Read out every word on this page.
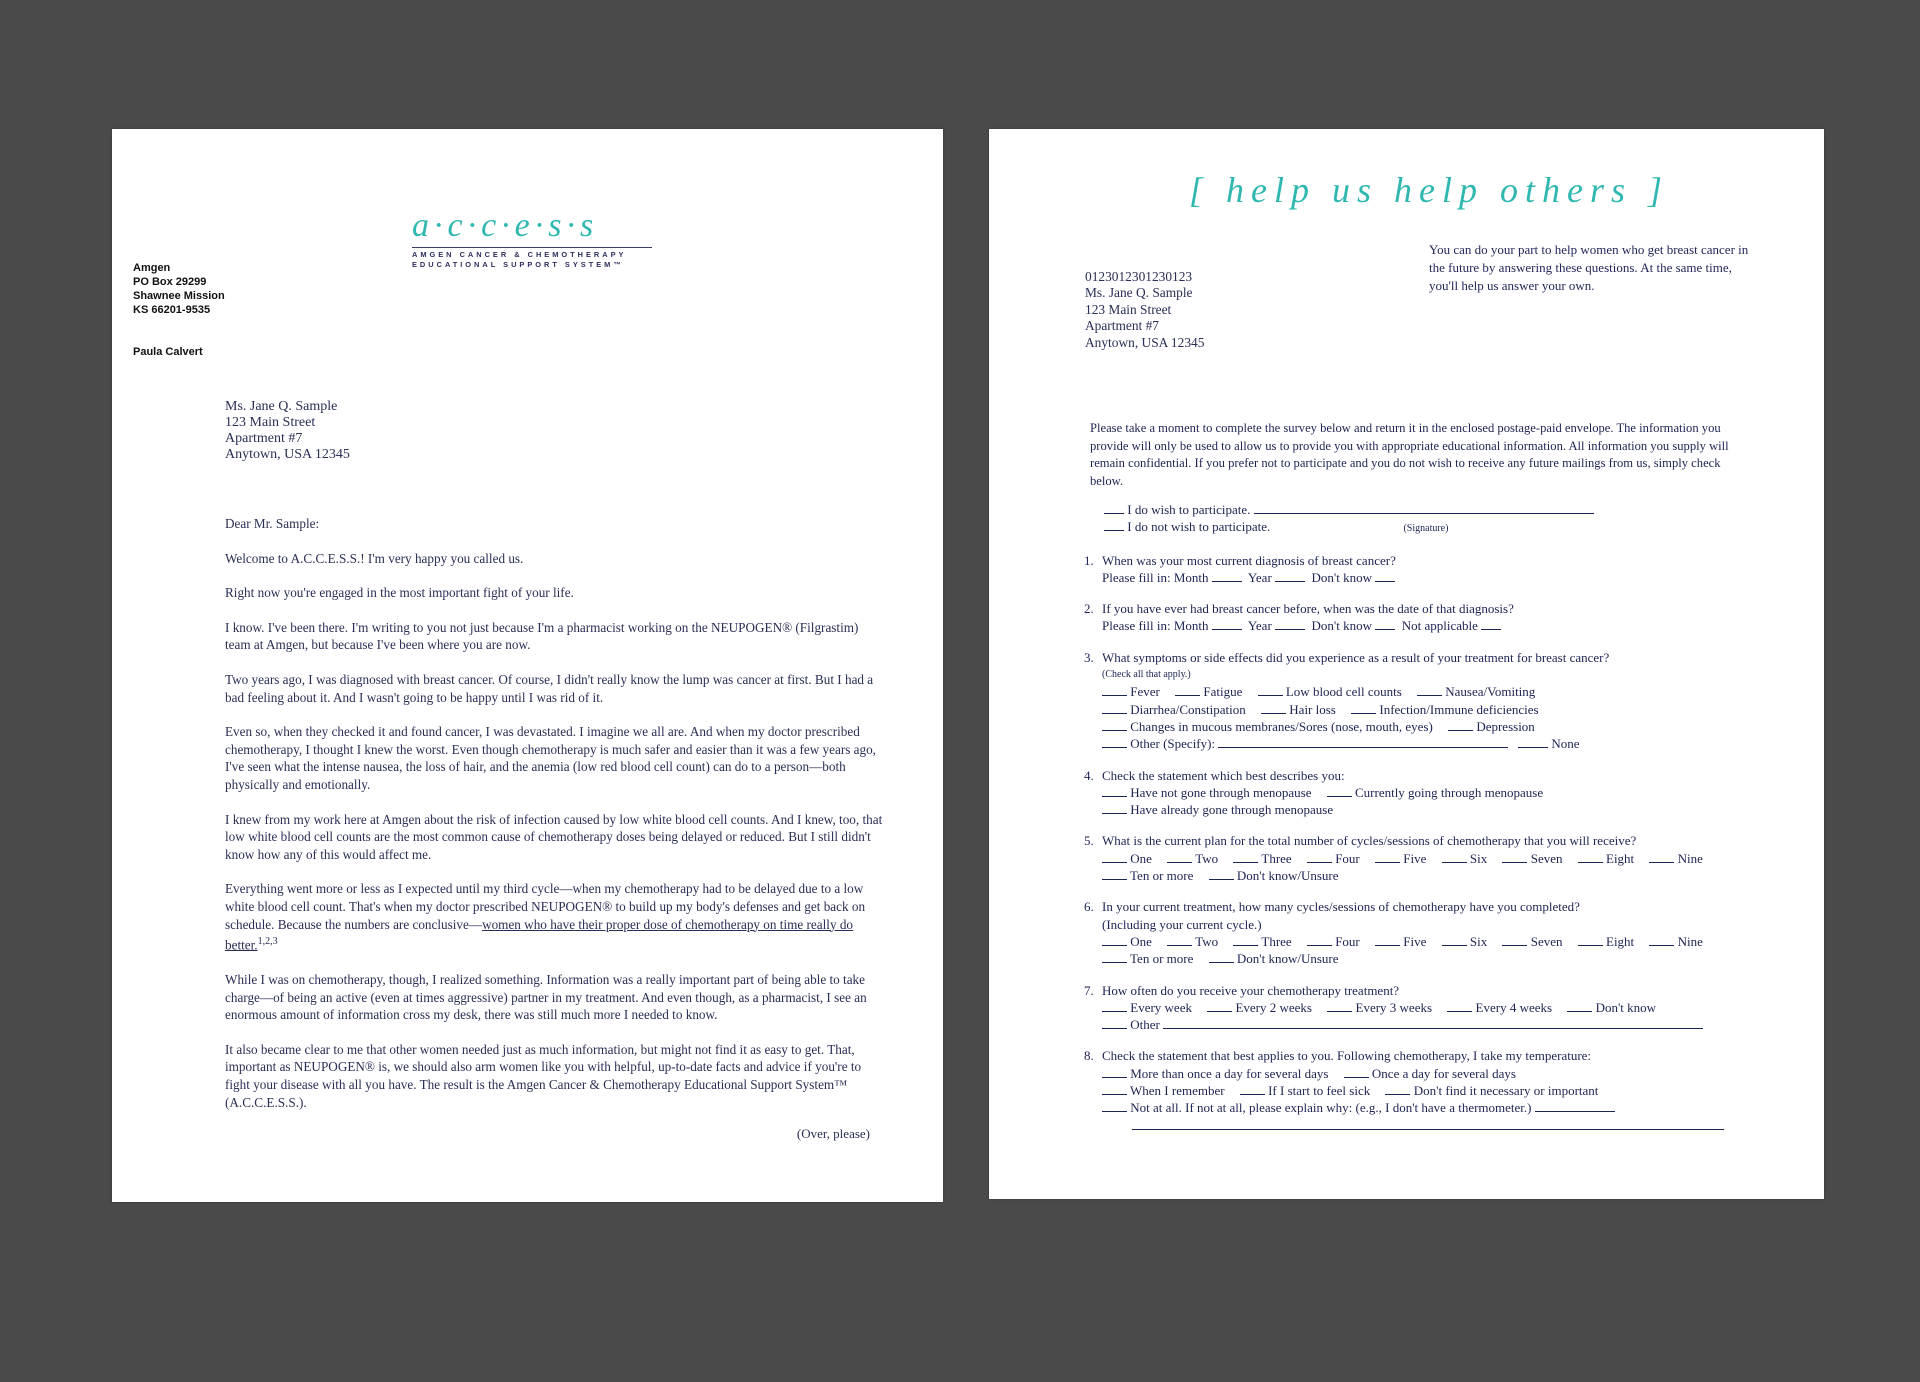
a·c·c·e·s·s
AMGEN CANCER & CHEMOTHERAPY
EDUCATIONAL SUPPORT SYSTEM™
Amgen
PO Box 29299
Shawnee Mission
KS 66201-9535
Paula Calvert
Ms. Jane Q. Sample
123 Main Street
Apartment #7
Anytown, USA 12345

Dear Mr. Sample:

Welcome to A.C.C.E.S.S.! I'm very happy you called us.

Right now you're engaged in the most important fight of your life.

I know. I've been there. I'm writing to you not just because I'm a pharmacist working on the NEUPOGEN® (Filgrastim) team at Amgen, but because I've been where you are now.

Two years ago, I was diagnosed with breast cancer. Of course, I didn't really know the lump was cancer at first. But I had a bad feeling about it. And I wasn't going to be happy until I was rid of it.

Even so, when they checked it and found cancer, I was devastated. I imagine we all are. And when my doctor prescribed chemotherapy, I thought I knew the worst. Even though chemotherapy is much safer and easier than it was a few years ago, I've seen what the intense nausea, the loss of hair, and the anemia (low red blood cell count) can do to a person—both physically and emotionally.

I knew from my work here at Amgen about the risk of infection caused by low white blood cell counts. And I knew, too, that low white blood cell counts are the most common cause of chemotherapy doses being delayed or reduced. But I still didn't know how any of this would affect me.

Everything went more or less as I expected until my third cycle—when my chemotherapy had to be delayed due to a low white blood cell count. That's when my doctor prescribed NEUPOGEN® to build up my body's defenses and get back on schedule. Because the numbers are conclusive—women who have their proper dose of chemotherapy on time really do better.$^{1,2,3}$

While I was on chemotherapy, though, I realized something. Information was a really important part of being able to take charge—of being an active (even at times aggressive) partner in my treatment. And even though, as a pharmacist, I see an enormous amount of information cross my desk, there was still much more I needed to know.

It also became clear to me that other women needed just as much information, but might not find it as easy to get. That, important as NEUPOGEN® is, we should also arm women like you with helpful, up-to-date facts and advice if you're to fight your disease with all you have. The result is the Amgen Cancer & Chemotherapy Educational Support System™ (A.C.C.E.S.S.).

(Over, please)
[ help us help others ]
You can do your part to help women who get breast cancer in the future by answering these questions. At the same time, you'll help us answer your own.
0123012301230123
Ms. Jane Q. Sample
123 Main Street
Apartment #7
Anytown, USA 12345
Please take a moment to complete the survey below and return it in the enclosed postage-paid envelope. The information you provide will only be used to allow us to provide you with appropriate educational information. All information you supply will remain confidential. If you prefer not to participate and you do not wish to receive any future mailings from us, simply check below.
I do wish to participate.
I do not wish to participate.	(Signature)
1. When was your most current diagnosis of breast cancer?
Please fill in: Month	Year	Don't know
2. If you have ever had breast cancer before, when was the date of that diagnosis?
Please fill in: Month	Year	Don't know Not applicable
3. What symptoms or side effects did you experience as a result of your treatment for breast cancer?
(Check all that apply.)
Fever	Fatigue	Low blood cell counts	Nausea/Vomiting
Diarrhea/Constipation	Hair loss	Infection/Immune deficiencies
Changes in mucous membranes/Sores (nose, mouth, eyes)	Depression
Other (Specify):	None
4. Check the statement which best describes you:
Have not gone through menopause	Currently going through menopause
Have already gone through menopause
5. What is the current plan for the total number of cycles/sessions of chemotherapy that you will receive?
One	Two	Three	Four	Five	Six	Seven	Eight	Nine
Ten or more	Don't know/Unsure
6. In your current treatment, how many cycles/sessions of chemotherapy have you completed?
(Including your current cycle.)
One	Two	Three	Four	Five	Six	Seven	Eight	Nine
Ten or more	Don't know/Unsure
7. How often do you receive your chemotherapy treatment?
Every week	Every 2 weeks	Every 3 weeks	Every 4 weeks	Don't know
Other
8. Check the statement that best applies to you. Following chemotherapy, I take my temperature:
More than once a day for several days	Once a day for several days
When I remember	If I start to feel sick	Don't find it necessary or important
Not at all. If not at all, please explain why: (e.g., I don't have a thermometer.)
